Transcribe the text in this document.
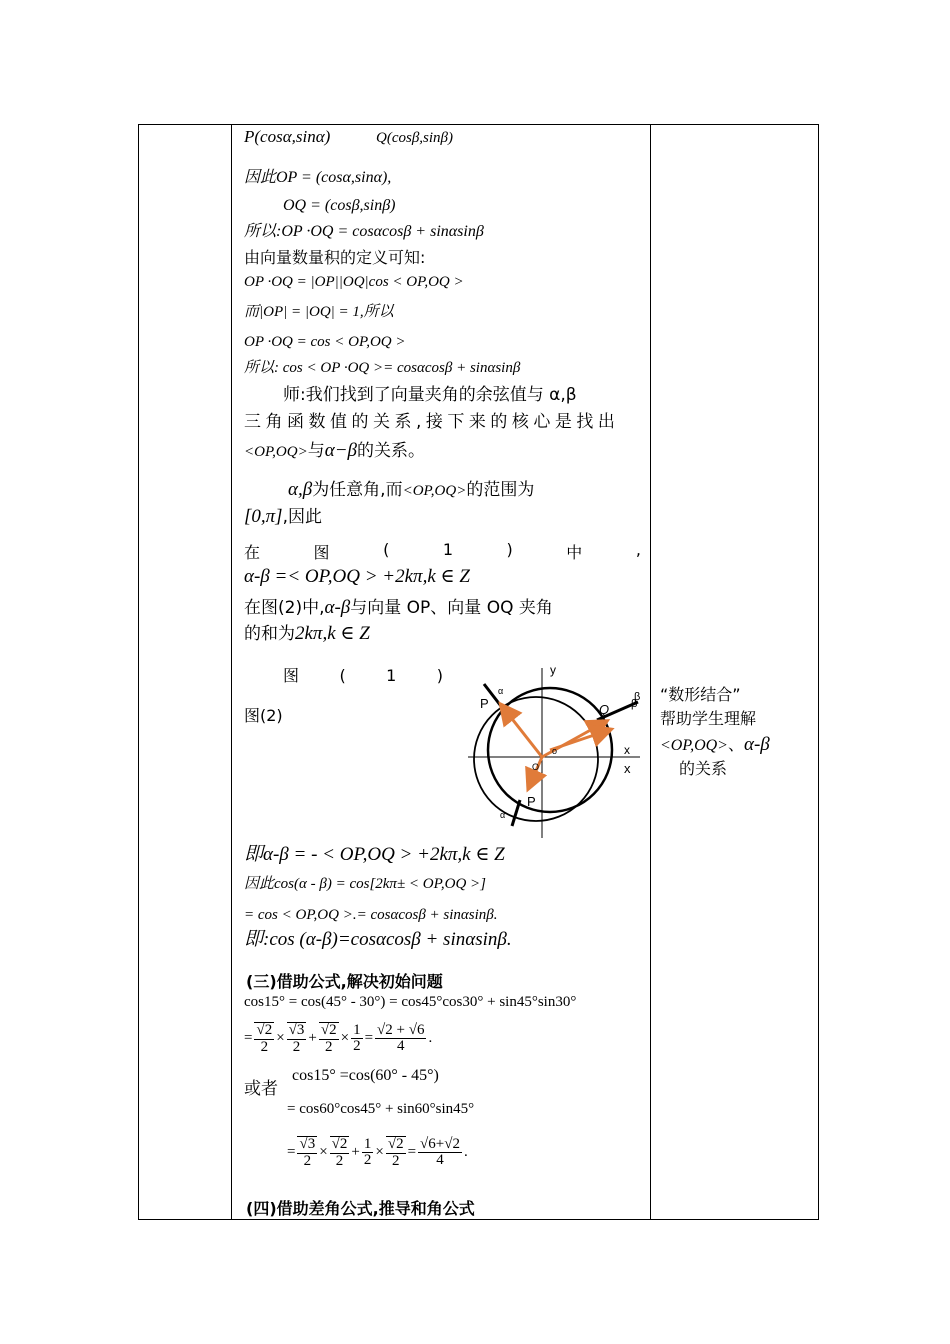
P(cosα,sinα)	Q(cosβ,sinβ)
因此OP = (cosα,sinα),
OQ = (cosβ,sinβ)
所以:OP ·OQ = cosαcosβ + sinαsinβ
由向量数量积的定义可知:
OP ·OQ = |OP||OQ|cos < OP,OQ >
而|OP| = |OQ| = 1,所以
OP ·OQ = cos < OP,OQ >
所以: cos < OP ·OQ >= cosαcosβ + sinαsinβ
师:我们找到了向量夹角的余弦值与 α,β
三角函数值的关系,接下来的核心是找出
<OP,OQ>与α−β的关系。
α,β为任意角,而<OP,OQ>的范围为
[0,π],因此
在	图	(	1	)	中	,
α-β =< OP,OQ > +2kπ,k ∈ Z
在图(2)中,α-β与向量 OP、向量 OQ 夹角
的和为2kπ,k ∈ Z
图	(	1	)
图(2)
y
x
x
P
P
Q
o
O
α
α
β
β
即α-β = - < OP,OQ > +2kπ,k ∈ Z
因此cos(α - β) = cos[2kπ± < OP,OQ >]
= cos < OP,OQ >.= cosαcosβ + sinαsinβ.
即:cos (α-β)=cosαcosβ + sinαsinβ.
(三)借助公式,解决初始问题
cos15° = cos(45° - 30°) = cos45°cos30° + sin45°sin30°
= $\frac{√2}{2} \times \frac{√3}{2} + \frac{√2}{2} \times \frac{1}{2} = \frac{√2 + √6}{4}$ .
或者
cos15° =cos(60° - 45°)
= cos60°cos45° + sin60°sin45°
= $\frac{√3}{2} \times \frac{√2}{2} + \frac{1}{2} \times \frac{√2}{2} = \frac{√6+√2}{4}$ .
(四)借助差角公式,推导和角公式
“数形结合”
帮助学生理解
<OP,OQ>、α-β
的关系
